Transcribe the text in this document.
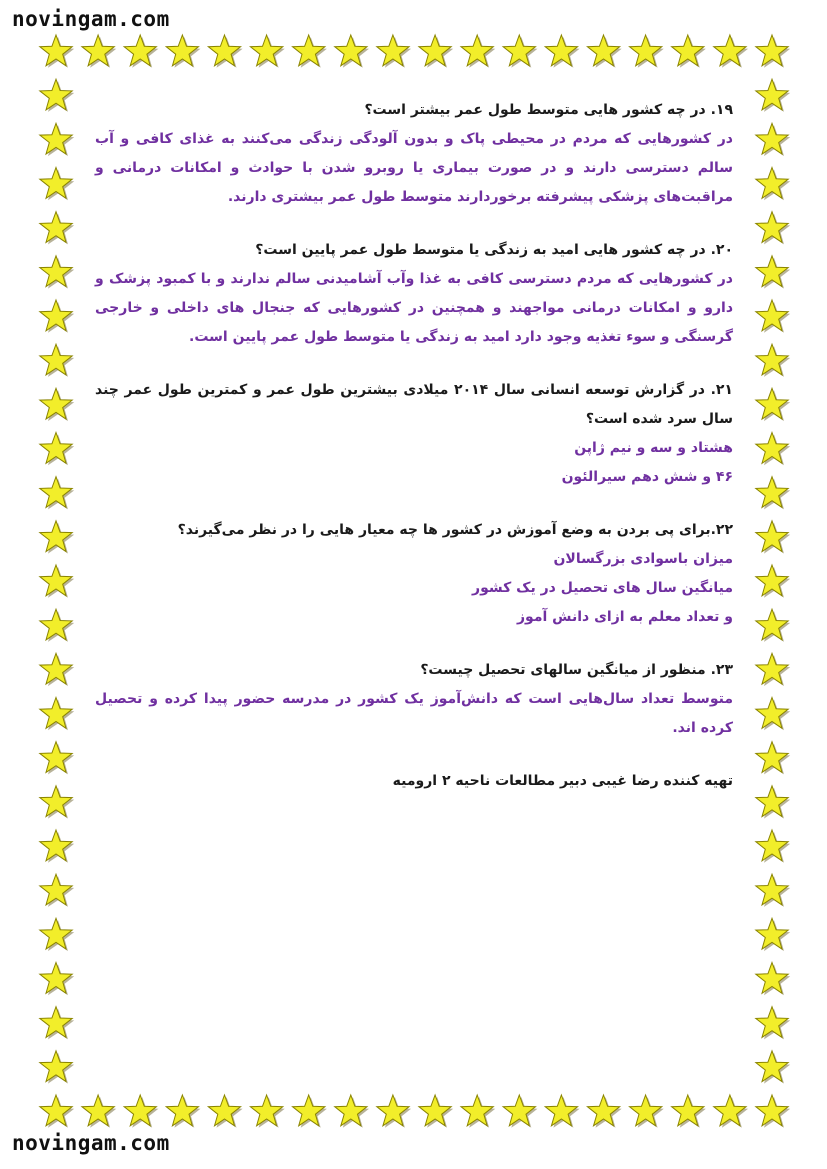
novingam.com
novingam.com
۱۹. در چه کشور هایی متوسط طول عمر بیشتر است؟
در کشورهایی که مردم در محیطی پاک و بدون آلودگی زندگی می‌کنند به غذای کافی و آب سالم دسترسی دارند و در صورت بیماری یا روبرو شدن با حوادث و امکانات درمانی و مراقبت‌های پزشکی پیشرفته برخوردارند متوسط طول عمر بیشتری دارند.
۲۰. در چه کشور هایی امید به زندگی یا متوسط طول عمر پایین است؟
در کشورهایی که مردم دسترسی کافی به غذا وآب آشامیدنی سالم ندارند و با کمبود پزشک و دارو و امکانات درمانی مواجهند و همچنین در کشورهایی که جنجال های داخلی و خارجی گرسنگی و سوء تغذیه وجود دارد امید به زندگی یا متوسط طول عمر پایین است.
۲۱. در گزارش توسعه انسانی سال ۲۰۱۴ میلادی بیشترین طول عمر و کمترین طول عمر چند سال سرد شده است؟
هشتاد و سه و نیم ژاپن
۴۶ و شش دهم سیرالئون
۲۲.برای پی بردن به وضع آموزش در کشور ها چه معیار هایی را در نظر می‌گیرند؟
میزان باسوادی بزرگسالان
میانگین سال های تحصیل در یک کشور
و تعداد معلم به ازای دانش آموز
۲۳. منظور از میانگین سالهای تحصیل چیست؟
متوسط تعداد سال‌هایی است که دانش‌آموز یک کشور در مدرسه حضور پیدا کرده و تحصیل کرده اند.
تهیه کننده رضا غیبی دبیر مطالعات ناحیه ۲ ارومیه
